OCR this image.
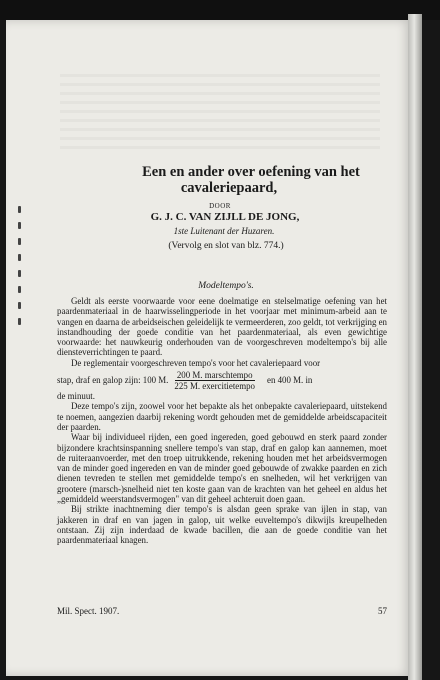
Een en ander over oefening van het
cavaleriepaard,
DOOR
G. J. C. VAN ZIJLL DE JONG,
1ste Luitenant der Huzaren.
(Vervolg en slot van blz. 774.)
Modeltempo's.

Geldt als eerste voorwaarde voor eene doelmatige en stelselmatige oefening van het paardenmateriaal in de haarwisselingperiode in het voorjaar met minimum-arbeid aan te vangen en daarna de arbeidseischen geleidelijk te vermeerderen, zoo geldt, tot verkrijging en instandhouding der goede conditie van het paardenmateriaal, als even gewichtige voorwaarde: het nauwkeurig onderhouden van de voorgeschreven modeltempo's bij alle diensteverrichtingen te paard.

De reglementair voorgeschreven tempo's voor het cavaleriepaard voor

stap, draf en galop zijn: 100 M. $\frac{\text{200 M. marschtempo}}{\text{225 M. exercitietempo}}$ en 400 M. in

de minuut.

Deze tempo's zijn, zoowel voor het bepakte als het onbepakte cavaleriepaard, uitstekend te noemen, aangezien daarbij rekening wordt gehouden met de gemiddelde arbeidscapaciteit der paarden.

Waar bij individueel rijden, een goed ingereden, goed gebouwd en sterk paard zonder bijzondere krachtsinspanning snellere tempo's van stap, draf en galop kan aannemen, moet de ruiteraanvoerder, met den troep uitrukkende, rekening houden met het arbeidsvermogen van de minder goed ingereden en van de minder goed gebouwde of zwakke paarden en zich dienen tevreden te stellen met gemiddelde tempo's en snelheden, wil het verkrijgen van grootere (marsch-)snelheid niet ten koste gaan van de krachten van het geheel en aldus het „gemiddeld weerstandsvermogen" van dit geheel achteruit doen gaan.

Bij strikte inachtneming dier tempo's is alsdan geen sprake van ijlen in stap, van jakkeren in draf en van jagen in galop, uit welke euveltempo's dikwijls kreupelheden ontstaan. Zij zijn inderdaad de kwade bacillen, die aan de goede conditie van het paardenmateriaal knagen.

Mil. Spect. 1907.	57
